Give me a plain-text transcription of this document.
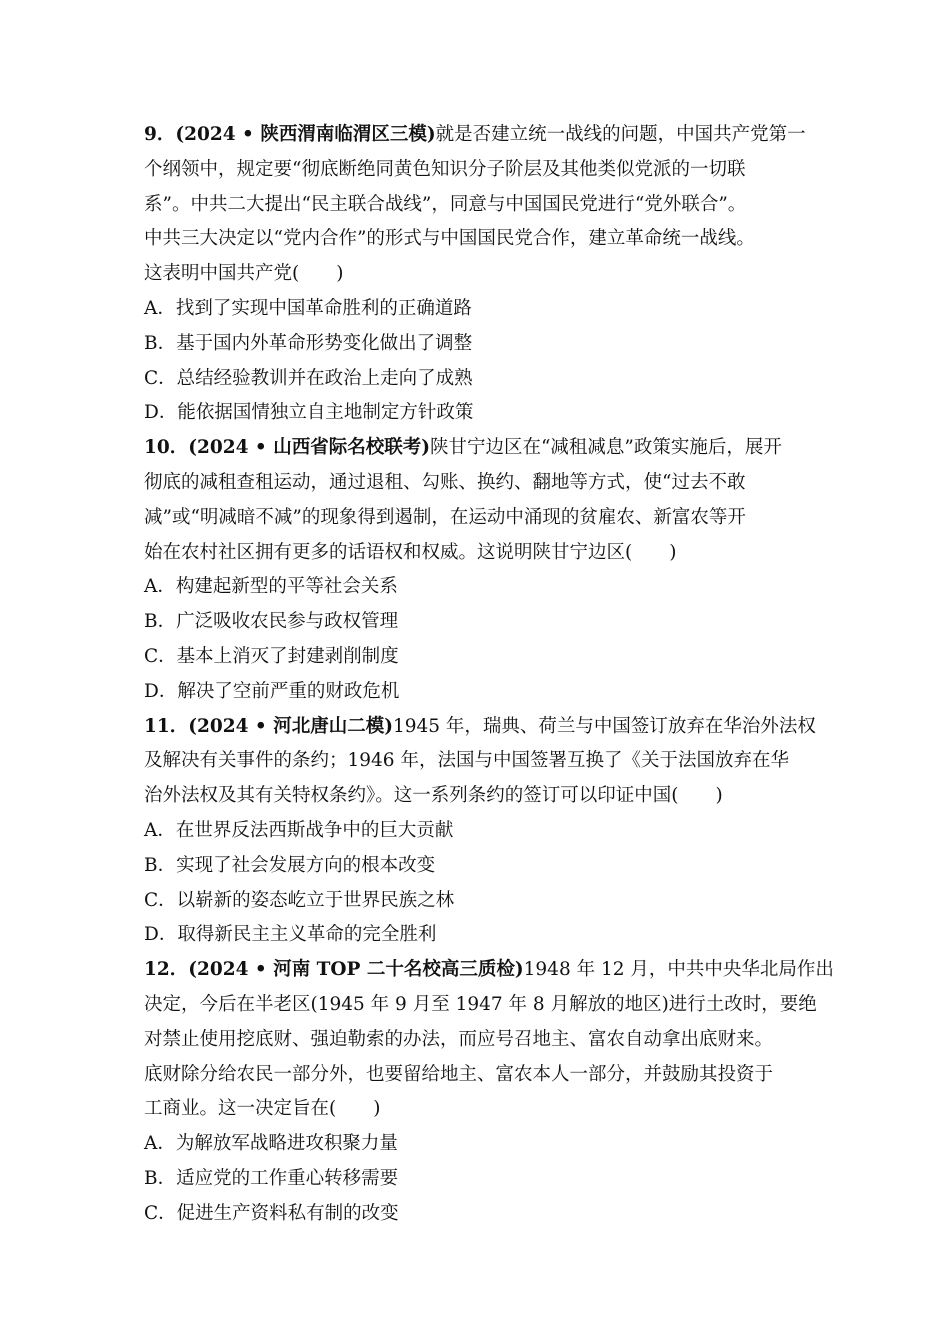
9．(2024 • 陕西渭南临渭区三模)就是否建立统一战线的问题，中国共产党第一
个纲领中，规定要“彻底断绝同黄色知识分子阶层及其他类似党派的一切联
系”。中共二大提出“民主联合战线”，同意与中国国民党进行“党外联合”。
中共三大决定以“党内合作”的形式与中国国民党合作，建立革命统一战线。
这表明中国共产党(　　)
A．找到了实现中国革命胜利的正确道路
B．基于国内外革命形势变化做出了调整
C．总结经验教训并在政治上走向了成熟
D．能依据国情独立自主地制定方针政策
10．(2024 • 山西省际名校联考)陕甘宁边区在“减租减息”政策实施后，展开
彻底的减租查租运动，通过退租、勾账、换约、翻地等方式，使“过去不敢
减”或“明减暗不减”的现象得到遏制，在运动中涌现的贫雇农、新富农等开
始在农村社区拥有更多的话语权和权威。这说明陕甘宁边区(　　)
A．构建起新型的平等社会关系
B．广泛吸收农民参与政权管理
C．基本上消灭了封建剥削制度
D．解决了空前严重的财政危机
11．(2024 • 河北唐山二模)1945 年，瑞典、荷兰与中国签订放弃在华治外法权
及解决有关事件的条约；1946 年，法国与中国签署互换了《关于法国放弃在华
治外法权及其有关特权条约》。这一系列条约的签订可以印证中国(　　)
A．在世界反法西斯战争中的巨大贡献
B．实现了社会发展方向的根本改变
C．以崭新的姿态屹立于世界民族之林
D．取得新民主主义革命的完全胜利
12．(2024 • 河南 TOP 二十名校高三质检)1948 年 12 月，中共中央华北局作出
决定，今后在半老区(1945 年 9 月至 1947 年 8 月解放的地区)进行土改时，要绝
对禁止使用挖底财、强迫勒索的办法，而应号召地主、富农自动拿出底财来。
底财除分给农民一部分外，也要留给地主、富农本人一部分，并鼓励其投资于
工商业。这一决定旨在(　　)
A．为解放军战略进攻积聚力量
B．适应党的工作重心转移需要
C．促进生产资料私有制的改变
